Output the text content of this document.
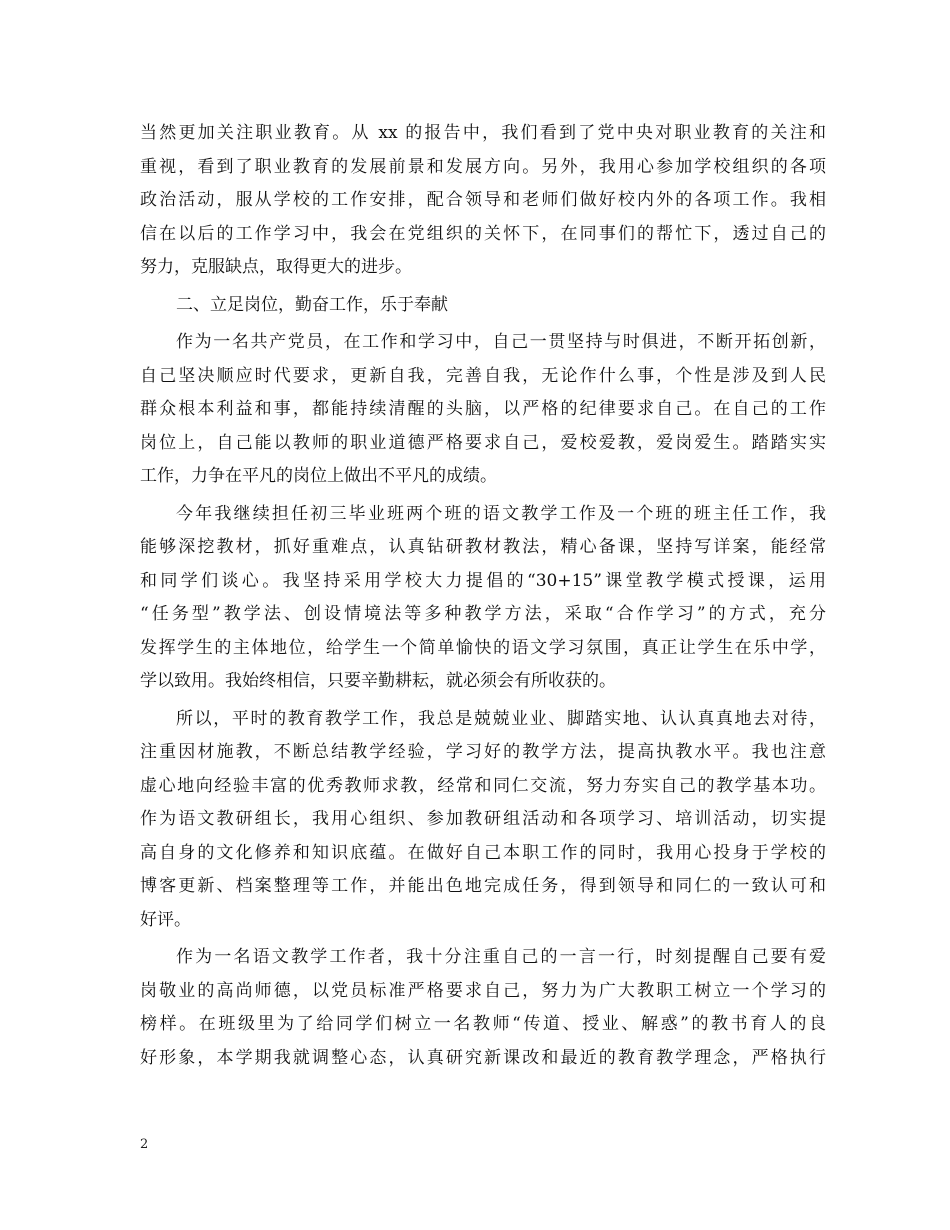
当然更加关注职业教育。从 xx 的报告中，我们看到了党中央对职业教育的关注和
重视，看到了职业教育的发展前景和发展方向。另外，我用心参加学校组织的各项
政治活动，服从学校的工作安排，配合领导和老师们做好校内外的各项工作。我相
信在以后的工作学习中，我会在党组织的关怀下，在同事们的帮忙下，透过自己的
努力，克服缺点，取得更大的进步。
二、立足岗位，勤奋工作，乐于奉献
作为一名共产党员，在工作和学习中，自己一贯坚持与时俱进，不断开拓创新，
自己坚决顺应时代要求，更新自我，完善自我，无论作什么事，个性是涉及到人民
群众根本利益和事，都能持续清醒的头脑，以严格的纪律要求自己。在自己的工作
岗位上，自己能以教师的职业道德严格要求自己，爱校爱教，爱岗爱生。踏踏实实
工作，力争在平凡的岗位上做出不平凡的成绩。
今年我继续担任初三毕业班两个班的语文教学工作及一个班的班主任工作，我
能够深挖教材，抓好重难点，认真钻研教材教法，精心备课，坚持写详案，能经常
和同学们谈心。我坚持采用学校大力提倡的“30+15”课堂教学模式授课，运用
“任务型”教学法、创设情境法等多种教学方法，采取“合作学习”的方式，充分
发挥学生的主体地位，给学生一个简单愉快的语文学习氛围，真正让学生在乐中学，
学以致用。我始终相信，只要辛勤耕耘，就必须会有所收获的。
所以，平时的教育教学工作，我总是兢兢业业、脚踏实地、认认真真地去对待，
注重因材施教，不断总结教学经验，学习好的教学方法，提高执教水平。我也注意
虚心地向经验丰富的优秀教师求教，经常和同仁交流，努力夯实自己的教学基本功。
作为语文教研组长，我用心组织、参加教研组活动和各项学习、培训活动，切实提
高自身的文化修养和知识底蕴。在做好自己本职工作的同时，我用心投身于学校的
博客更新、档案整理等工作，并能出色地完成任务，得到领导和同仁的一致认可和
好评。
作为一名语文教学工作者，我十分注重自己的一言一行，时刻提醒自己要有爱
岗敬业的高尚师德，以党员标准严格要求自己，努力为广大教职工树立一个学习的
榜样。在班级里为了给同学们树立一名教师“传道、授业、解惑”的教书育人的良
好形象，本学期我就调整心态，认真研究新课改和最近的教育教学理念，严格执行
2
